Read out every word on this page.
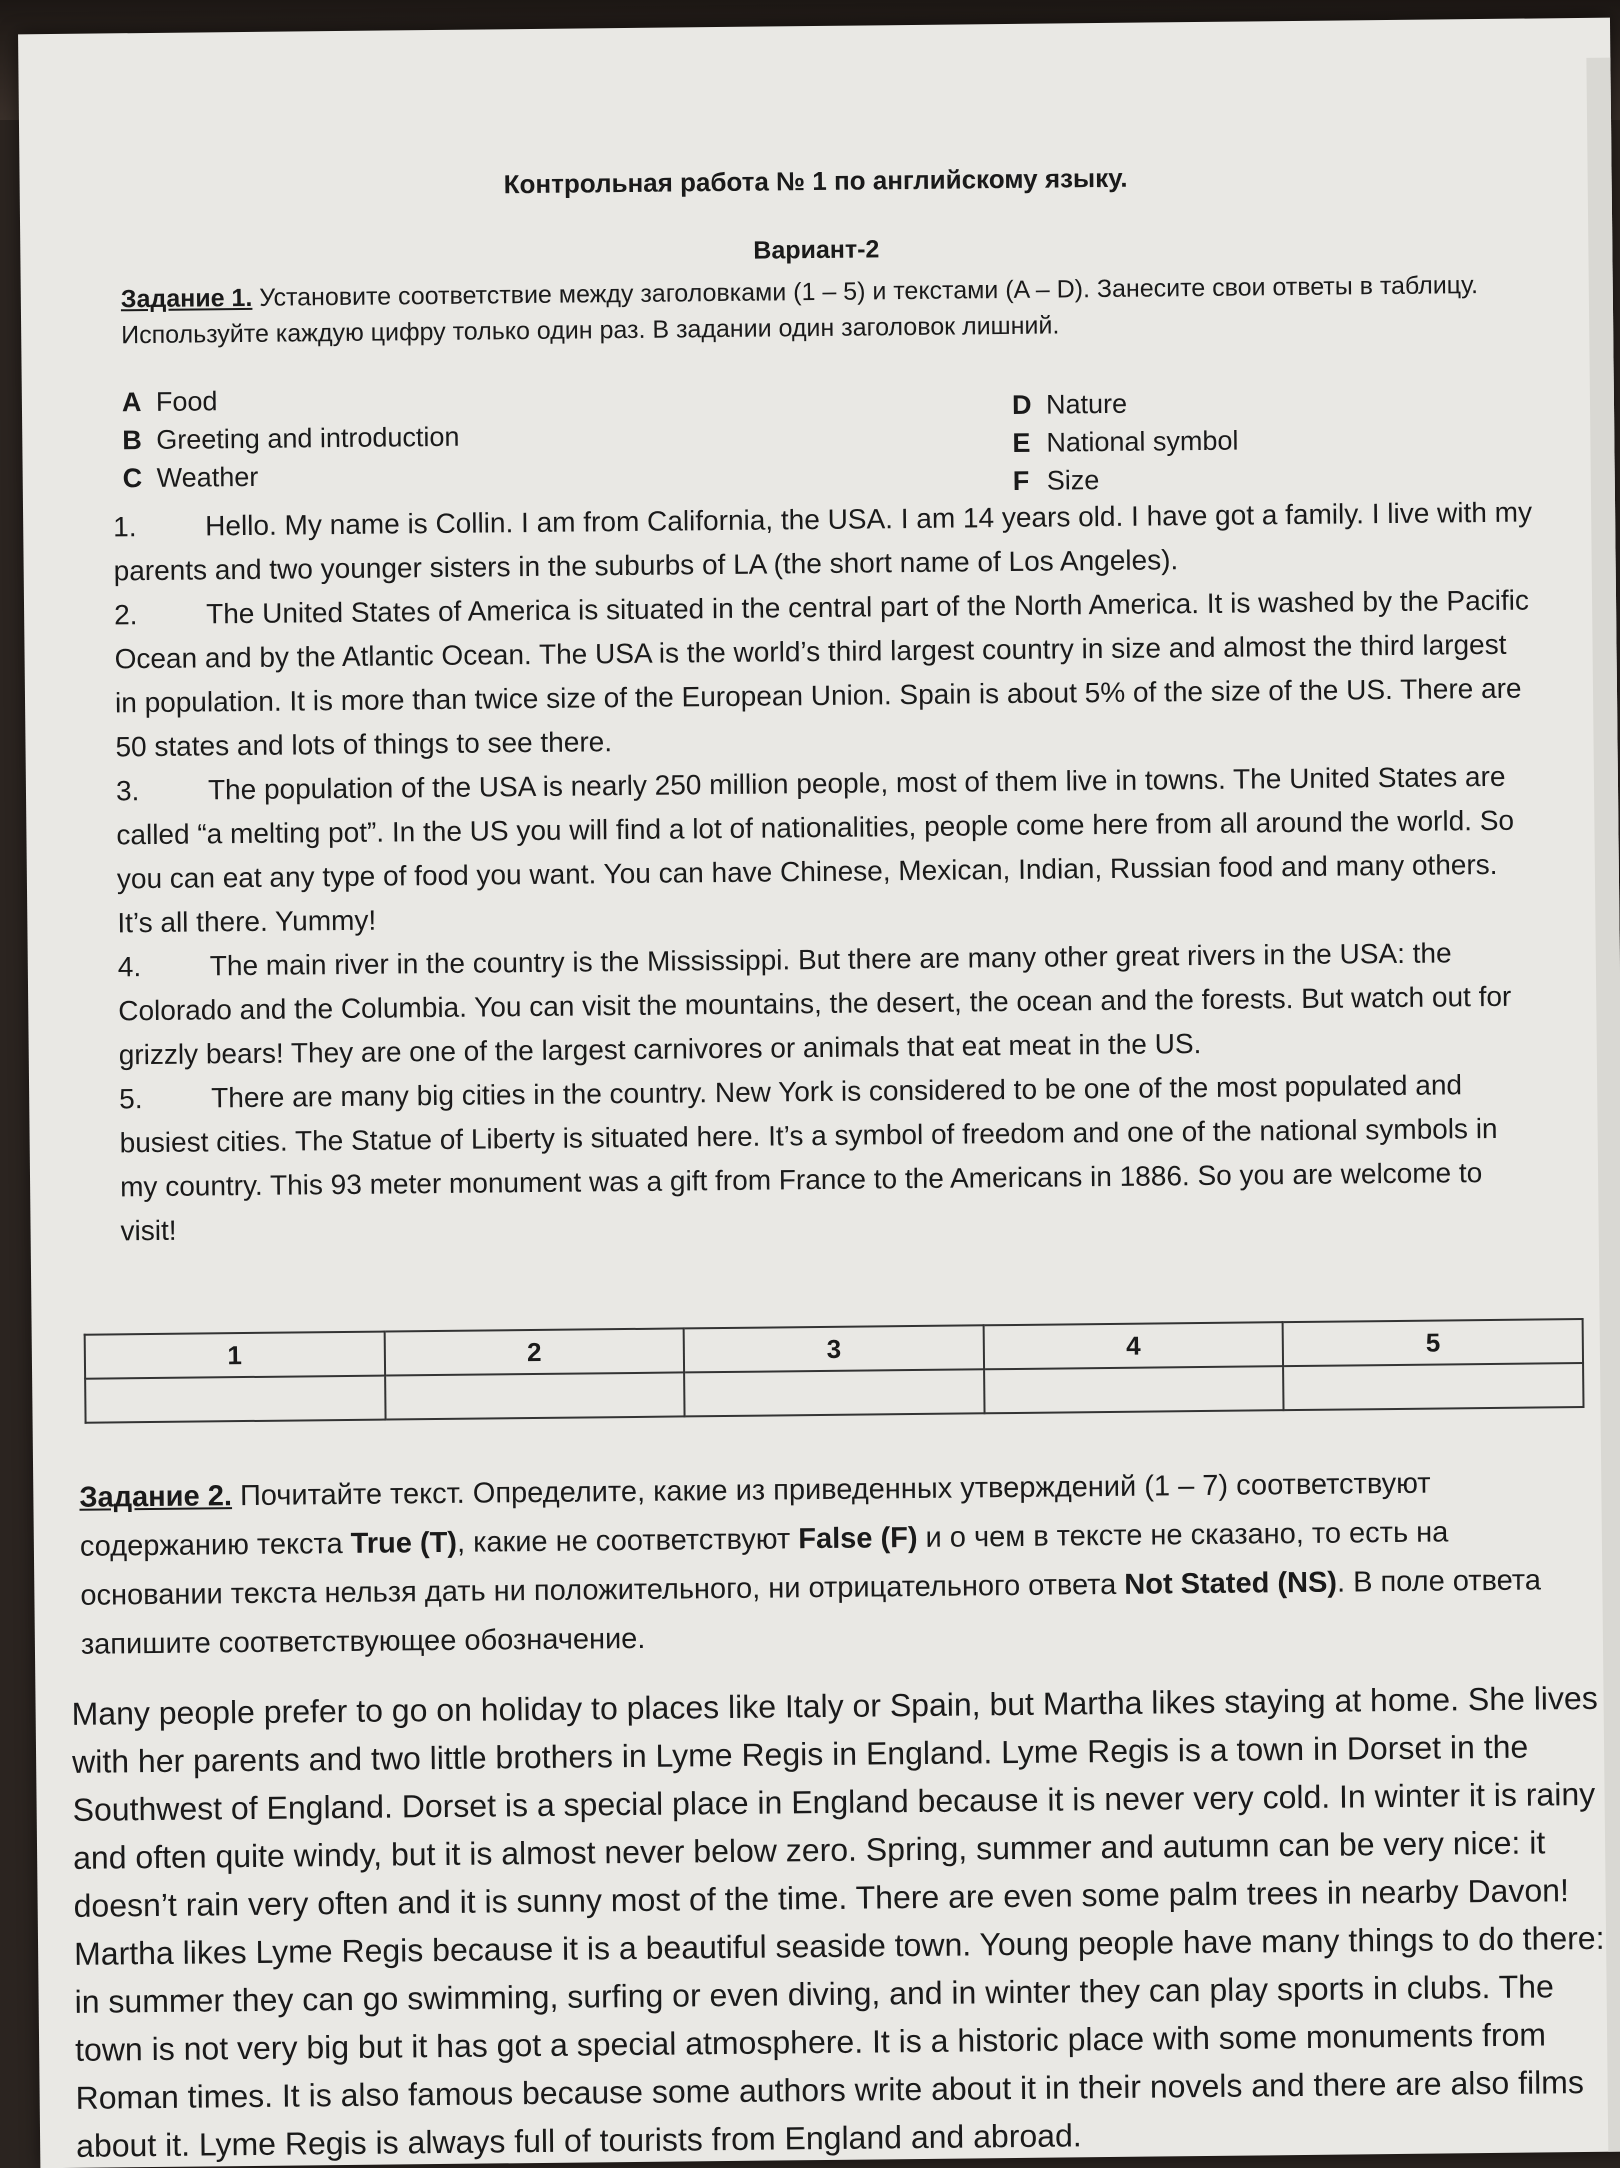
Контрольная работа № 1 по английскому языку.
Вариант-2
Задание 1. Установите соответствие между заголовками (1 – 5) и текстами (A – D). Занесите свои ответы в таблицу. Используйте каждую цифру только один раз. В задании один заголовок лишний.
A Food
B Greeting and introduction
C Weather
D Nature
E National symbol
F Size

1. Hello. My name is Collin. I am from California, the USA. I am 14 years old. I have got a family. I live with my parents and two younger sisters in the suburbs of LA (the short name of Los Angeles).

2. The United States of America is situated in the central part of the North America. It is washed by the Pacific Ocean and by the Atlantic Ocean. The USA is the world’s third largest country in size and almost the third largest in population. It is more than twice size of the European Union. Spain is about 5% of the size of the US. There are 50 states and lots of things to see there.

3. The population of the USA is nearly 250 million people, most of them live in towns. The United States are called “a melting pot”. In the US you will find a lot of nationalities, people come here from all around the world. So you can eat any type of food you want. You can have Chinese, Mexican, Indian, Russian food and many others. It’s all there. Yummy!

4. The main river in the country is the Mississippi. But there are many other great rivers in the USA: the Colorado and the Columbia. You can visit the mountains, the desert, the ocean and the forests. But watch out for grizzly bears! They are one of the largest carnivores or animals that eat meat in the US.

5. There are many big cities in the country. New York is considered to be one of the most populated and busiest cities. The Statue of Liberty is situated here. It’s a symbol of freedom and one of the national symbols in my country. This 93 meter monument was a gift from France to the Americans in 1886. So you are welcome to visit!

1	2	3	4	5

Задание 2. Почитайте текст. Определите, какие из приведенных утверждений (1 – 7) соответствуют содержанию текста True (T), какие не соответствуют False (F) и о чем в тексте не сказано, то есть на основании текста нельзя дать ни положительного, ни отрицательного ответа Not Stated (NS). В поле ответа запишите соответствующее обозначение.
Many people prefer to go on holiday to places like Italy or Spain, but Martha likes staying at home. She lives with her parents and two little brothers in Lyme Regis in England. Lyme Regis is a town in Dorset in the Southwest of England. Dorset is a special place in England because it is never very cold. In winter it is rainy and often quite windy, but it is almost never below zero. Spring, summer and autumn can be very nice: it doesn’t rain very often and it is sunny most of the time. There are even some palm trees in nearby Davon! Martha likes Lyme Regis because it is a beautiful seaside town. Young people have many things to do there: in summer they can go swimming, surfing or even diving, and in winter they can play sports in clubs. The town is not very big but it has got a special atmosphere. It is a historic place with some monuments from Roman times. It is also famous because some authors write about it in their novels and there are also films about it. Lyme Regis is always full of tourists from England and abroad.
